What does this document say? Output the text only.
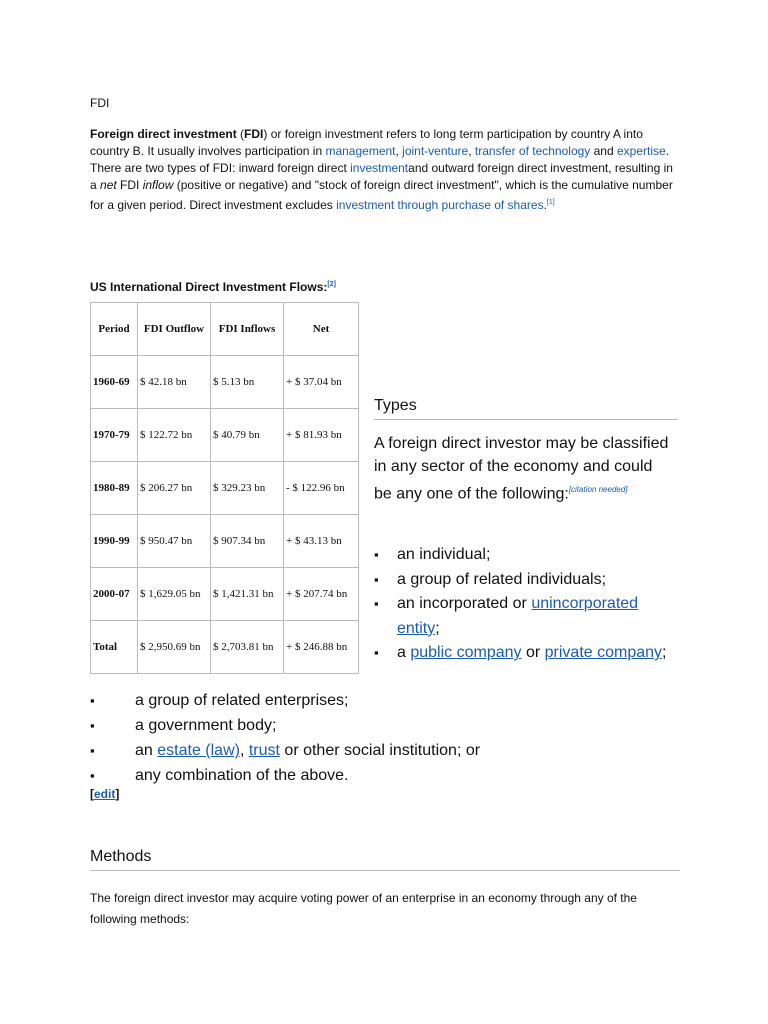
FDI
Foreign direct investment (FDI) or foreign investment refers to long term participation by country A into country B. It usually involves participation in management, joint-venture, transfer of technology and expertise. There are two types of FDI: inward foreign direct investmentand outward foreign direct investment, resulting in a net FDI inflow (positive or negative) and "stock of foreign direct investment", which is the cumulative number for a given period. Direct investment excludes investment through purchase of shares.[1]
US International Direct Investment Flows:[2]
Period	FDI Outflow	FDI Inflows	Net
1960-69	$ 42.18 bn	$ 5.13 bn	+ $ 37.04 bn
1970-79	$ 122.72 bn	$ 40.79 bn	+ $ 81.93 bn
1980-89	$ 206.27 bn	$ 329.23 bn	- $ 122.96 bn
1990-99	$ 950.47 bn	$ 907.34 bn	+ $ 43.13 bn
2000-07	$ 1,629.05 bn	$ 1,421.31 bn	+ $ 207.74 bn
Total	$ 2,950.69 bn	$ 2,703.81 bn	+ $ 246.88 bn
Types
A foreign direct investor may be classified in any sector of the economy and could be any one of the following:[citation needed]
▪ an individual;
▪ a group of related individuals;
▪ an incorporated or unincorporated entity;
▪ a public company or private company;
▪ a group of related enterprises;
▪ a government body;
▪ an estate (law), trust or other social institution; or
▪ any combination of the above.
[edit]
Methods
The foreign direct investor may acquire voting power of an enterprise in an economy through any of the following methods:
